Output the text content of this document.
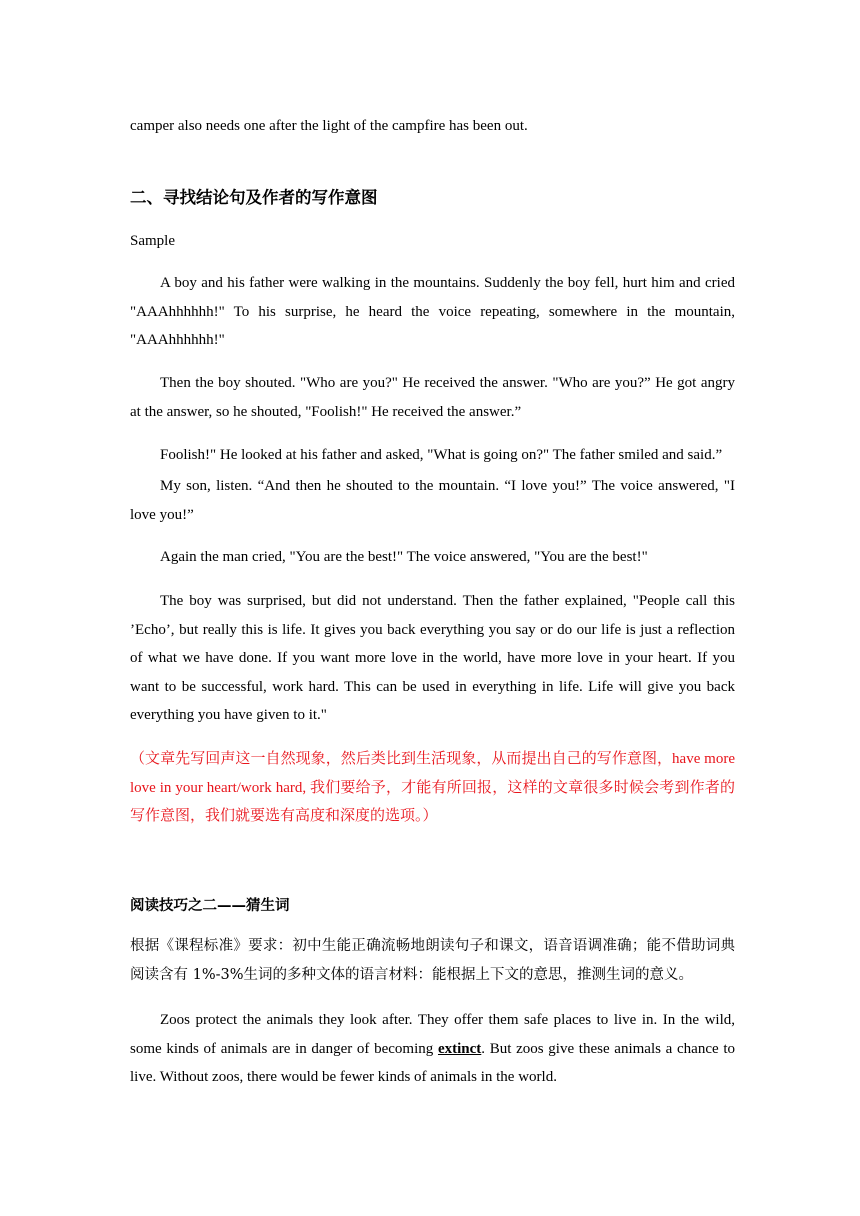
camper also needs one after the light of the campfire has been out.
二、寻找结论句及作者的写作意图
Sample
A boy and his father were walking in the mountains. Suddenly the boy fell, hurt him and cried "AAAhhhhhh!" To his surprise, he heard the voice repeating, somewhere in the mountain, "AAAhhhhhh!"
Then the boy shouted. "Who are you?" He received the answer. "Who are you?” He got angry at the answer, so he shouted, "Foolish!" He received the answer.”
Foolish!" He looked at his father and asked, "What is going on?" The father smiled and said.”
My son, listen. “And then he shouted to the mountain. “I love you!” The voice answered, "I love you!”
Again the man cried, "You are the best!" The voice answered, "You are the best!"
The boy was surprised, but did not understand. Then the father explained, "People call this ’Echo’, but really this is life. It gives you back everything you say or do our life is just a reflection of what we have done. If you want more love in the world, have more love in your heart. If you want to be successful, work hard. This can be used in everything in life. Life will give you back everything you have given to it."
（文章先写回声这一自然现象，然后类比到生活现象，从而提出自己的写作意图，have more love in your heart/work hard, 我们要给予，才能有所回报，这样的文章很多时候会考到作者的写作意图，我们就要选有高度和深度的选项。）
阅读技巧之二——猜生词
根据《课程标准》要求：初中生能正确流畅地朗读句子和课文，语音语调准确；能不借助词典阅读含有 1%-3%生词的多种文体的语言材料：能根据上下文的意思，推测生词的意义。
Zoos protect the animals they look after. They offer them safe places to live in. In the wild, some kinds of animals are in danger of becoming extinct. But zoos give these animals a chance to live. Without zoos, there would be fewer kinds of animals in the world.
